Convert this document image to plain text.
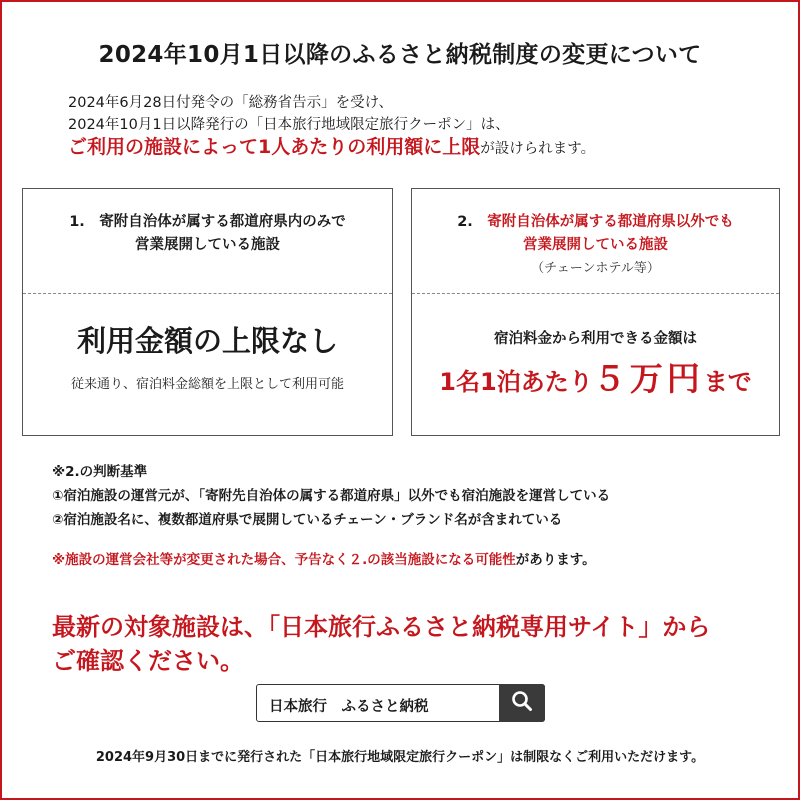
2024年10月1日以降のふるさと納税制度の変更について
2024年6月28日付発令の「総務省告示」を受け、
2024年10月1日以降発行の「日本旅行地域限定旅行クーポン」は、
ご利用の施設によって1人あたりの利用額に上限が設けられます。
1.　寄附自治体が属する都道府県内のみで
営業展開している施設
利用金額の上限なし
従来通り、宿泊料金総額を上限として利用可能
2.　 寄附自治体が属する都道府県以外でも
営業展開している施設
（チェーンホテル等）
宿泊料金から利用できる金額は
1名1泊あたり５万円まで
※2.の判断基準
①宿泊施設の運営元が、「寄附先自治体の属する都道府県」以外でも宿泊施設を運営している
②宿泊施設名に、複数都道府県で展開しているチェーン・ブランド名が含まれている
※施設の運営会社等が変更された場合、予告なく２.の該当施設になる可能性があります。
最新の対象施設は、「日本旅行ふるさと納税専用サイト」から
ご確認ください。
日本旅行　ふるさと納税
2024年9月30日までに発行された「日本旅行地域限定旅行クーポン」は制限なくご利用いただけます。
